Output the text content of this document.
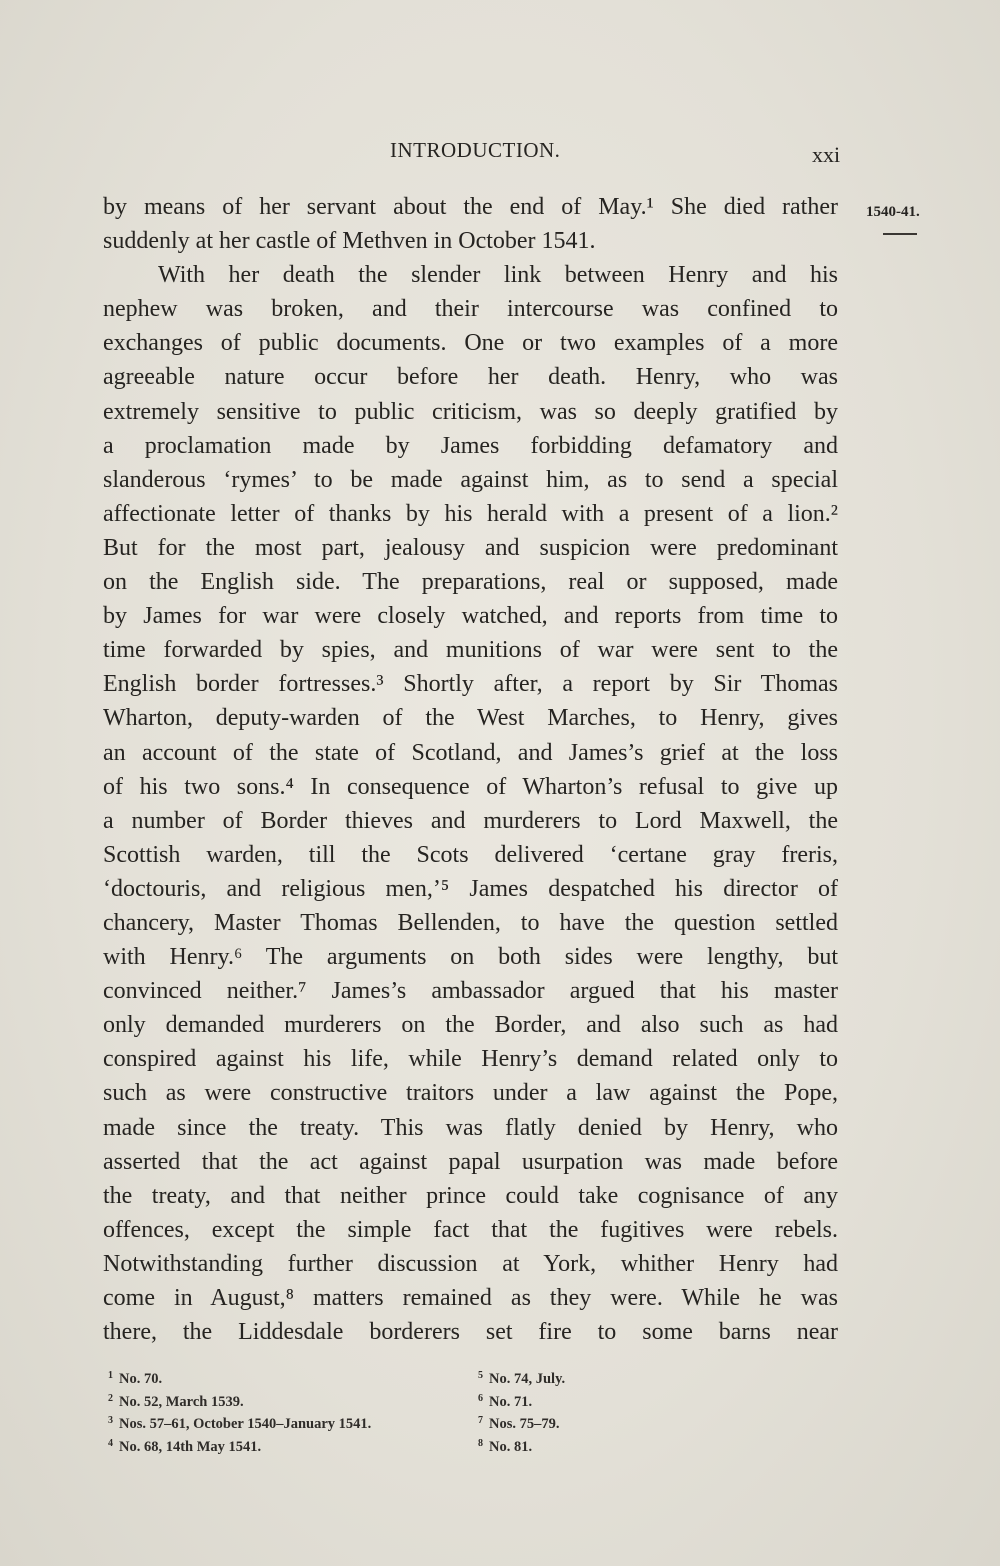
INTRODUCTION.	xxi
1540-41.
by means of her servant about the end of May.¹ She died rather
suddenly at her castle of Methven in October 1541.
With her death the slender link between Henry and his
nephew was broken, and their intercourse was confined to
exchanges of public documents. One or two examples of a more
agreeable nature occur before her death. Henry, who was
extremely sensitive to public criticism, was so deeply gratified by
a proclamation made by James forbidding defamatory and
slanderous ‘rymes’ to be made against him, as to send a special
affectionate letter of thanks by his herald with a present of a lion.²
But for the most part, jealousy and suspicion were predominant
on the English side. The preparations, real or supposed, made
by James for war were closely watched, and reports from time to
time forwarded by spies, and munitions of war were sent to the
English border fortresses.³ Shortly after, a report by Sir Thomas
Wharton, deputy-warden of the West Marches, to Henry, gives
an account of the state of Scotland, and James’s grief at the loss
of his two sons.⁴ In consequence of Wharton’s refusal to give up
a number of Border thieves and murderers to Lord Maxwell, the
Scottish warden, till the Scots delivered ‘certane gray freris,
‘doctouris, and religious men,’⁵ James despatched his director of
chancery, Master Thomas Bellenden, to have the question settled
with Henry.⁶ The arguments on both sides were lengthy, but
convinced neither.⁷ James’s ambassador argued that his master
only demanded murderers on the Border, and also such as had
conspired against his life, while Henry’s demand related only to
such as were constructive traitors under a law against the Pope,
made since the treaty. This was flatly denied by Henry, who
asserted that the act against papal usurpation was made before
the treaty, and that neither prince could take cognisance of any
offences, except the simple fact that the fugitives were rebels.
Notwithstanding further discussion at York, whither Henry had
come in August,⁸ matters remained as they were. While he was
there, the Liddesdale borderers set fire to some barns near
$^1$ No. 70.
$^2$ No. 52, March 1539.
$^3$ Nos. 57–61, October 1540–January 1541.
$^4$ No. 68, 14th May 1541.
$^5$ No. 74, July.
$^6$ No. 71.
$^7$ Nos. 75–79.
$^8$ No. 81.
